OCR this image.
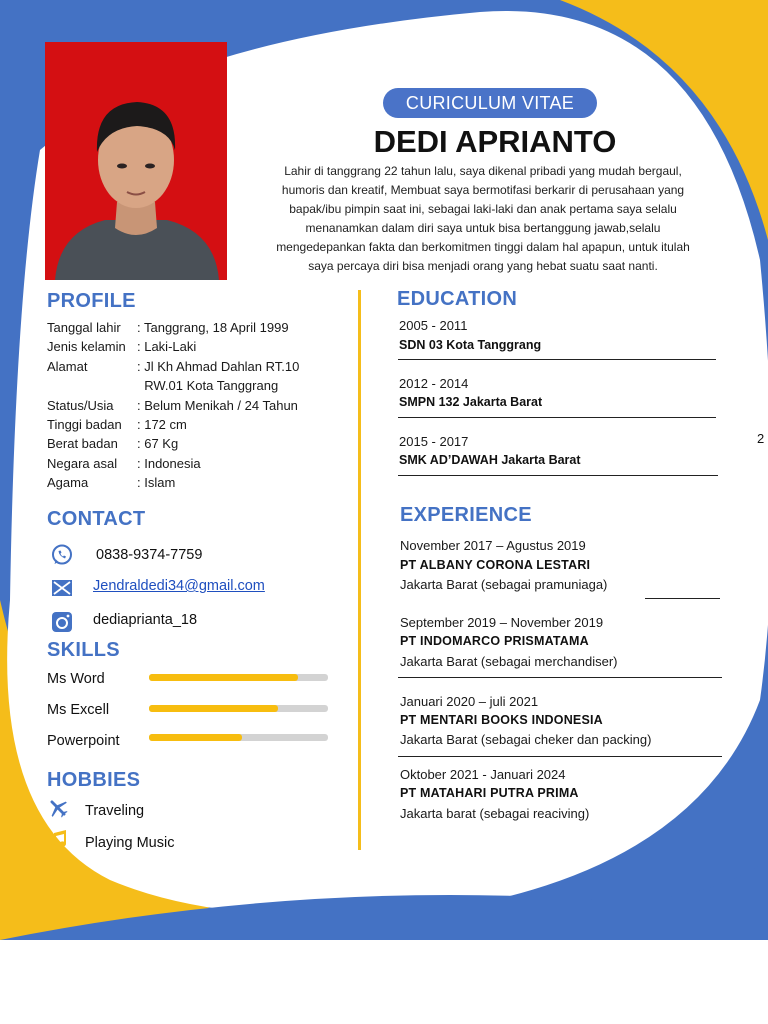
CURICULUM VITAE
DEDI APRIANTO
Lahir di tanggrang 22 tahun lalu, saya dikenal pribadi yang mudah bergaul,
humoris dan kreatif, Membuat saya bermotifasi berkarir di perusahaan yang
bapak/ibu pimpin saat ini, sebagai laki-laki dan anak pertama saya selalu
menanamkan dalam diri saya untuk bisa bertanggung jawab,selalu
mengedepankan fakta dan berkomitmen tinggi dalam hal apapun, untuk itulah
saya percaya diri bisa menjadi orang yang hebat suatu saat nanti.
PROFILE
Tanggal lahir : Tanggrang, 18 April 1999
Jenis kelamin : Laki-Laki
Alamat	: Jl Kh Ahmad Dahlan RT.10
RW.01 Kota Tanggrang
Status/Usia : Belum Menikah / 24 Tahun
Tinggi badan : 172 cm
Berat badan : 67 Kg
Negara asal : Indonesia
Agama	: Islam
CONTACT
0838-9374-7759
Jendraldedi34@gmail.com
dediaprianta_18
SKILLS
Ms Word
Ms Excell
Powerpoint
HOBBIES
Traveling
Playing Music
EDUCATION
2005 - 2011
SDN 03 Kota Tanggrang
2012 - 2014
SMPN 132 Jakarta Barat
2015 - 2017
SMK AD’DAWAH Jakarta Barat
2
EXPERIENCE
November 2017 – Agustus 2019
PT ALBANY CORONA LESTARI
Jakarta Barat (sebagai pramuniaga)
September 2019 – November 2019
PT INDOMARCO PRISMATAMA
Jakarta Barat (sebagai merchandiser)
Januari 2020 – juli 2021
PT MENTARI BOOKS INDONESIA
Jakarta Barat (sebagai cheker dan packing)
Oktober 2021 - Januari 2024
PT MATAHARI PUTRA PRIMA
Jakarta barat (sebagai reaciving)
